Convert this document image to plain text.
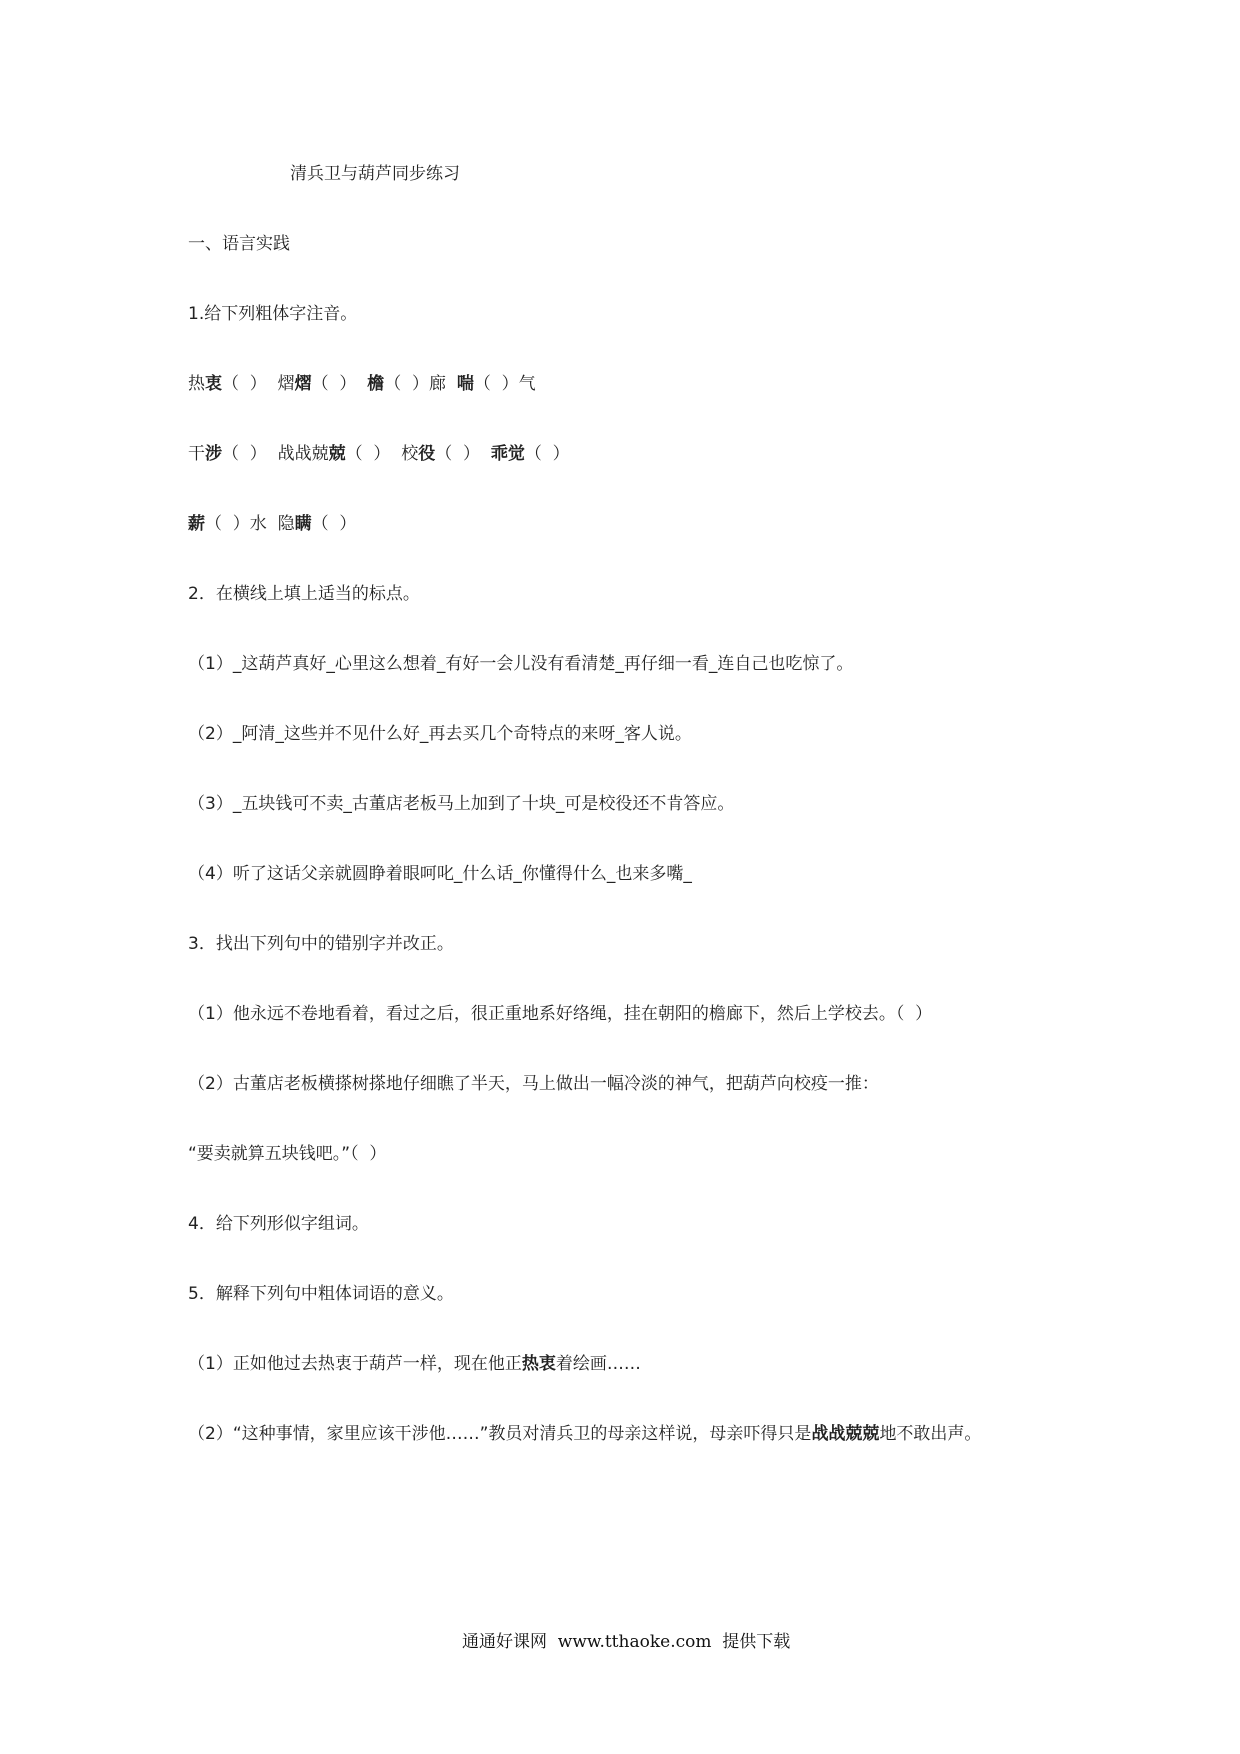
清兵卫与葫芦同步练习
一、语言实践
1.给下列粗体字注音。
热衷（  ）  熠熠（  ）  檐（  ）廊  喘（  ）气
干涉（  ）  战战兢兢（  ）  校役（  ）  乖觉（  ）
薪（  ）水  隐瞒（  ）
2．在横线上填上适当的标点。
（1）_这葫芦真好_心里这么想着_有好一会儿没有看清楚_再仔细一看_连自己也吃惊了。
（2）_阿清_这些并不见什么好_再去买几个奇特点的来呀_客人说。
（3）_五块钱可不卖_古董店老板马上加到了十块_可是校役还不肯答应。
（4）听了这话父亲就圆睁着眼呵叱_什么话_你懂得什么_也来多嘴_
3．找出下列句中的错别字并改正。
（1）他永远不卷地看着，看过之后，很正重地系好络绳，挂在朝阳的檐廊下，然后上学校去。（  ）
（2）古董店老板横搽树搽地仔细瞧了半天，马上做出一幅冷淡的神气，把葫芦向校疫一推：
“要卖就算五块钱吧。”（  ）
4．给下列形似字组词。
5．解释下列句中粗体词语的意义。
（1）正如他过去热衷于葫芦一样，现在他正热衷着绘画……
（2）“这种事情，家里应该干涉他……”教员对清兵卫的母亲这样说，母亲吓得只是战战兢兢地不敢出声。
通通好课网  www.tthaoke.com  提供下载
